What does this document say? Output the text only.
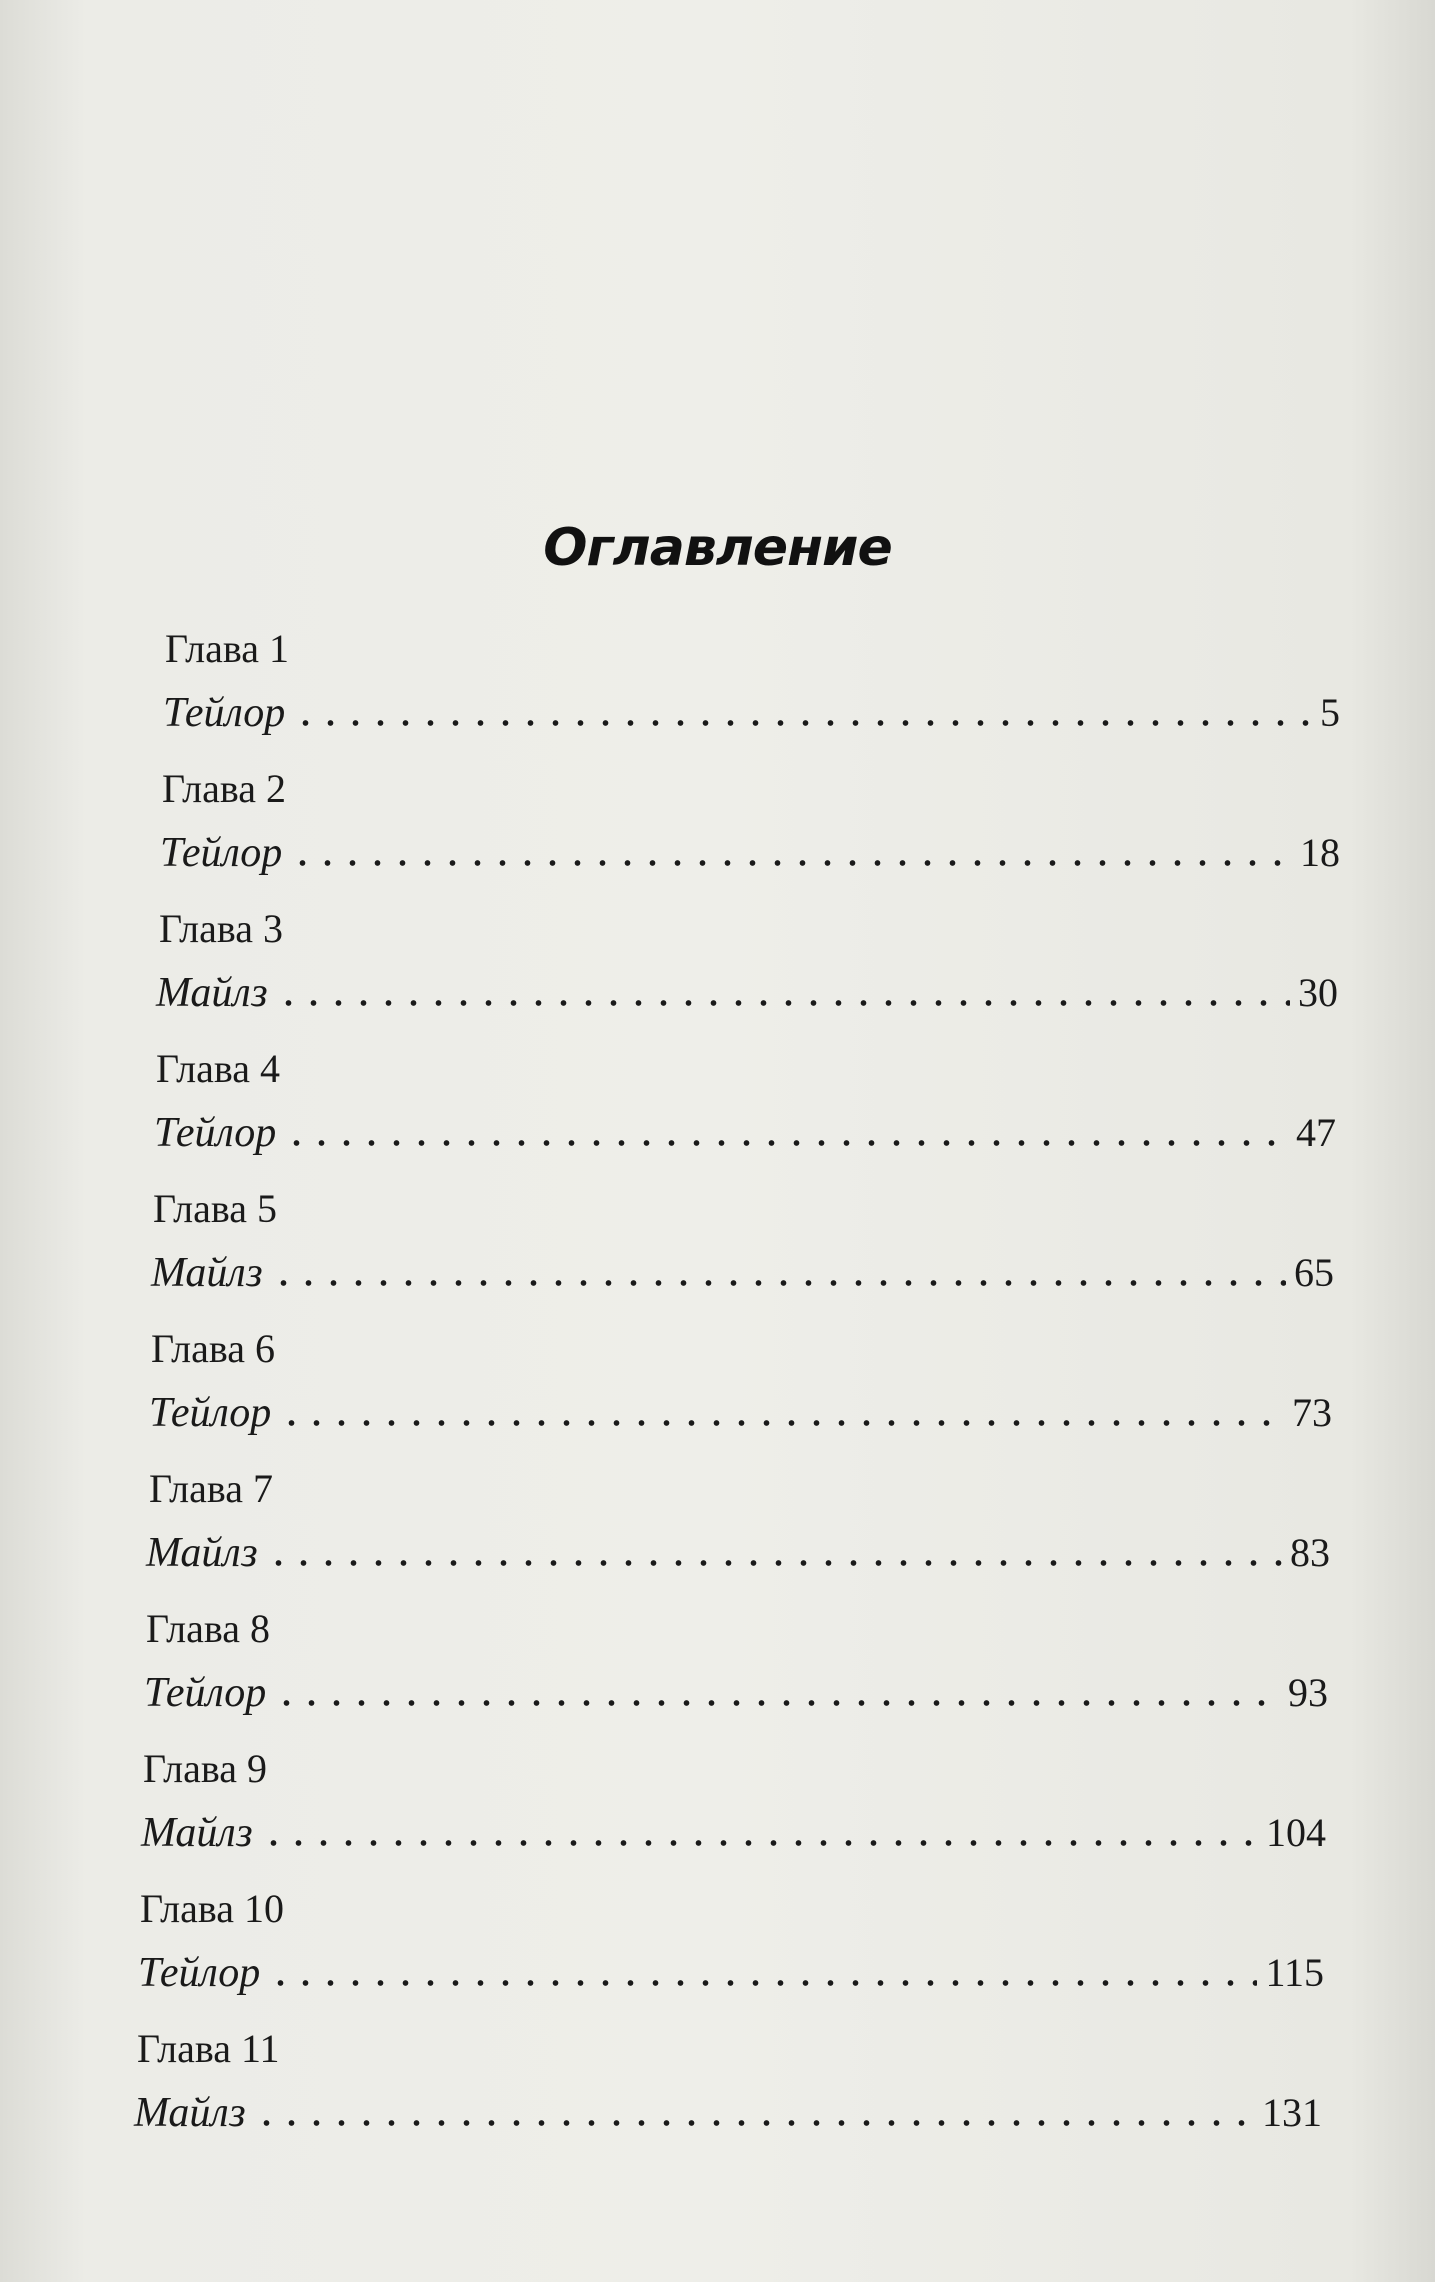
Оглавление
Глава 1
Тейлор	5
Глава 2
Тейлор	18
Глава 3
Майлз	30
Глава 4
Тейлор	47
Глава 5
Майлз	65
Глава 6
Тейлор	73
Глава 7
Майлз	83
Глава 8
Тейлор	93
Глава 9
Майлз	104
Глава 10
Тейлор	115
Глава 11
Майлз	131
